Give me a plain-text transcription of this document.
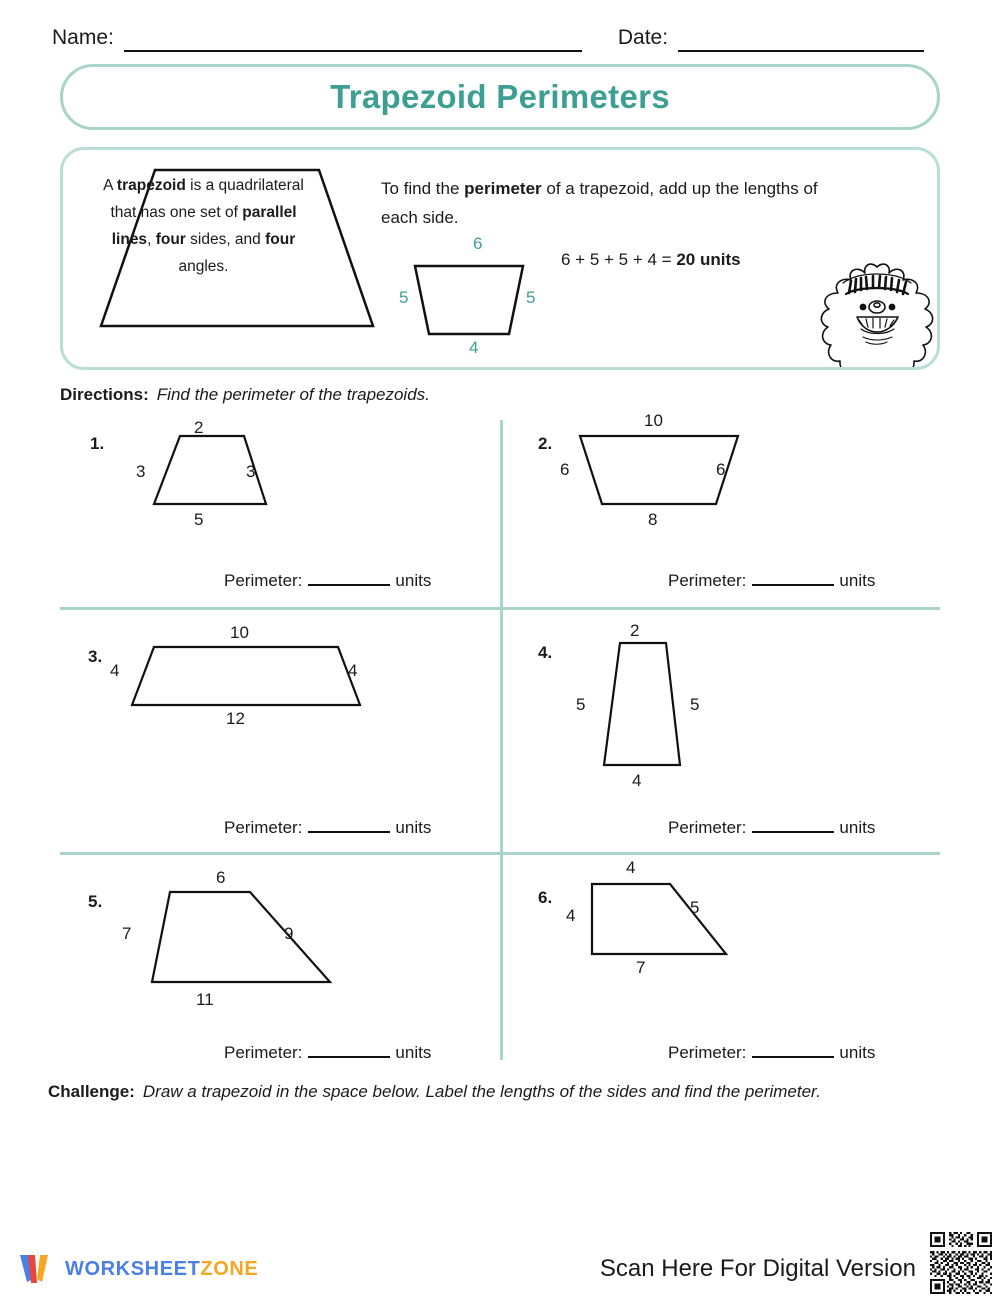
Name:	Date:
Trapezoid Perimeters
A trapezoid is a quadrilateral that has one set of parallel lines, four sides, and four angles.
To find the perimeter of a trapezoid, add up the lengths of each side.
6
5	5
4
6 + 5 + 5 + 4 = 20 units
Directions: Find the perimeter of the trapezoids.
1.
2
3	3
5
Perimeter:	units
2.
10
6	6
8
Perimeter:	units
3.
10
4	4
12
Perimeter:	units
4.
2
5	5
4
Perimeter:	units
5.
6
7	9
11
Perimeter:	units
6.
4
4	5
7
Perimeter:	units
Challenge: Draw a trapezoid in the space below. Label the lengths of the sides and find the perimeter.
WORKSHEETZONE	Scan Here For Digital Version
